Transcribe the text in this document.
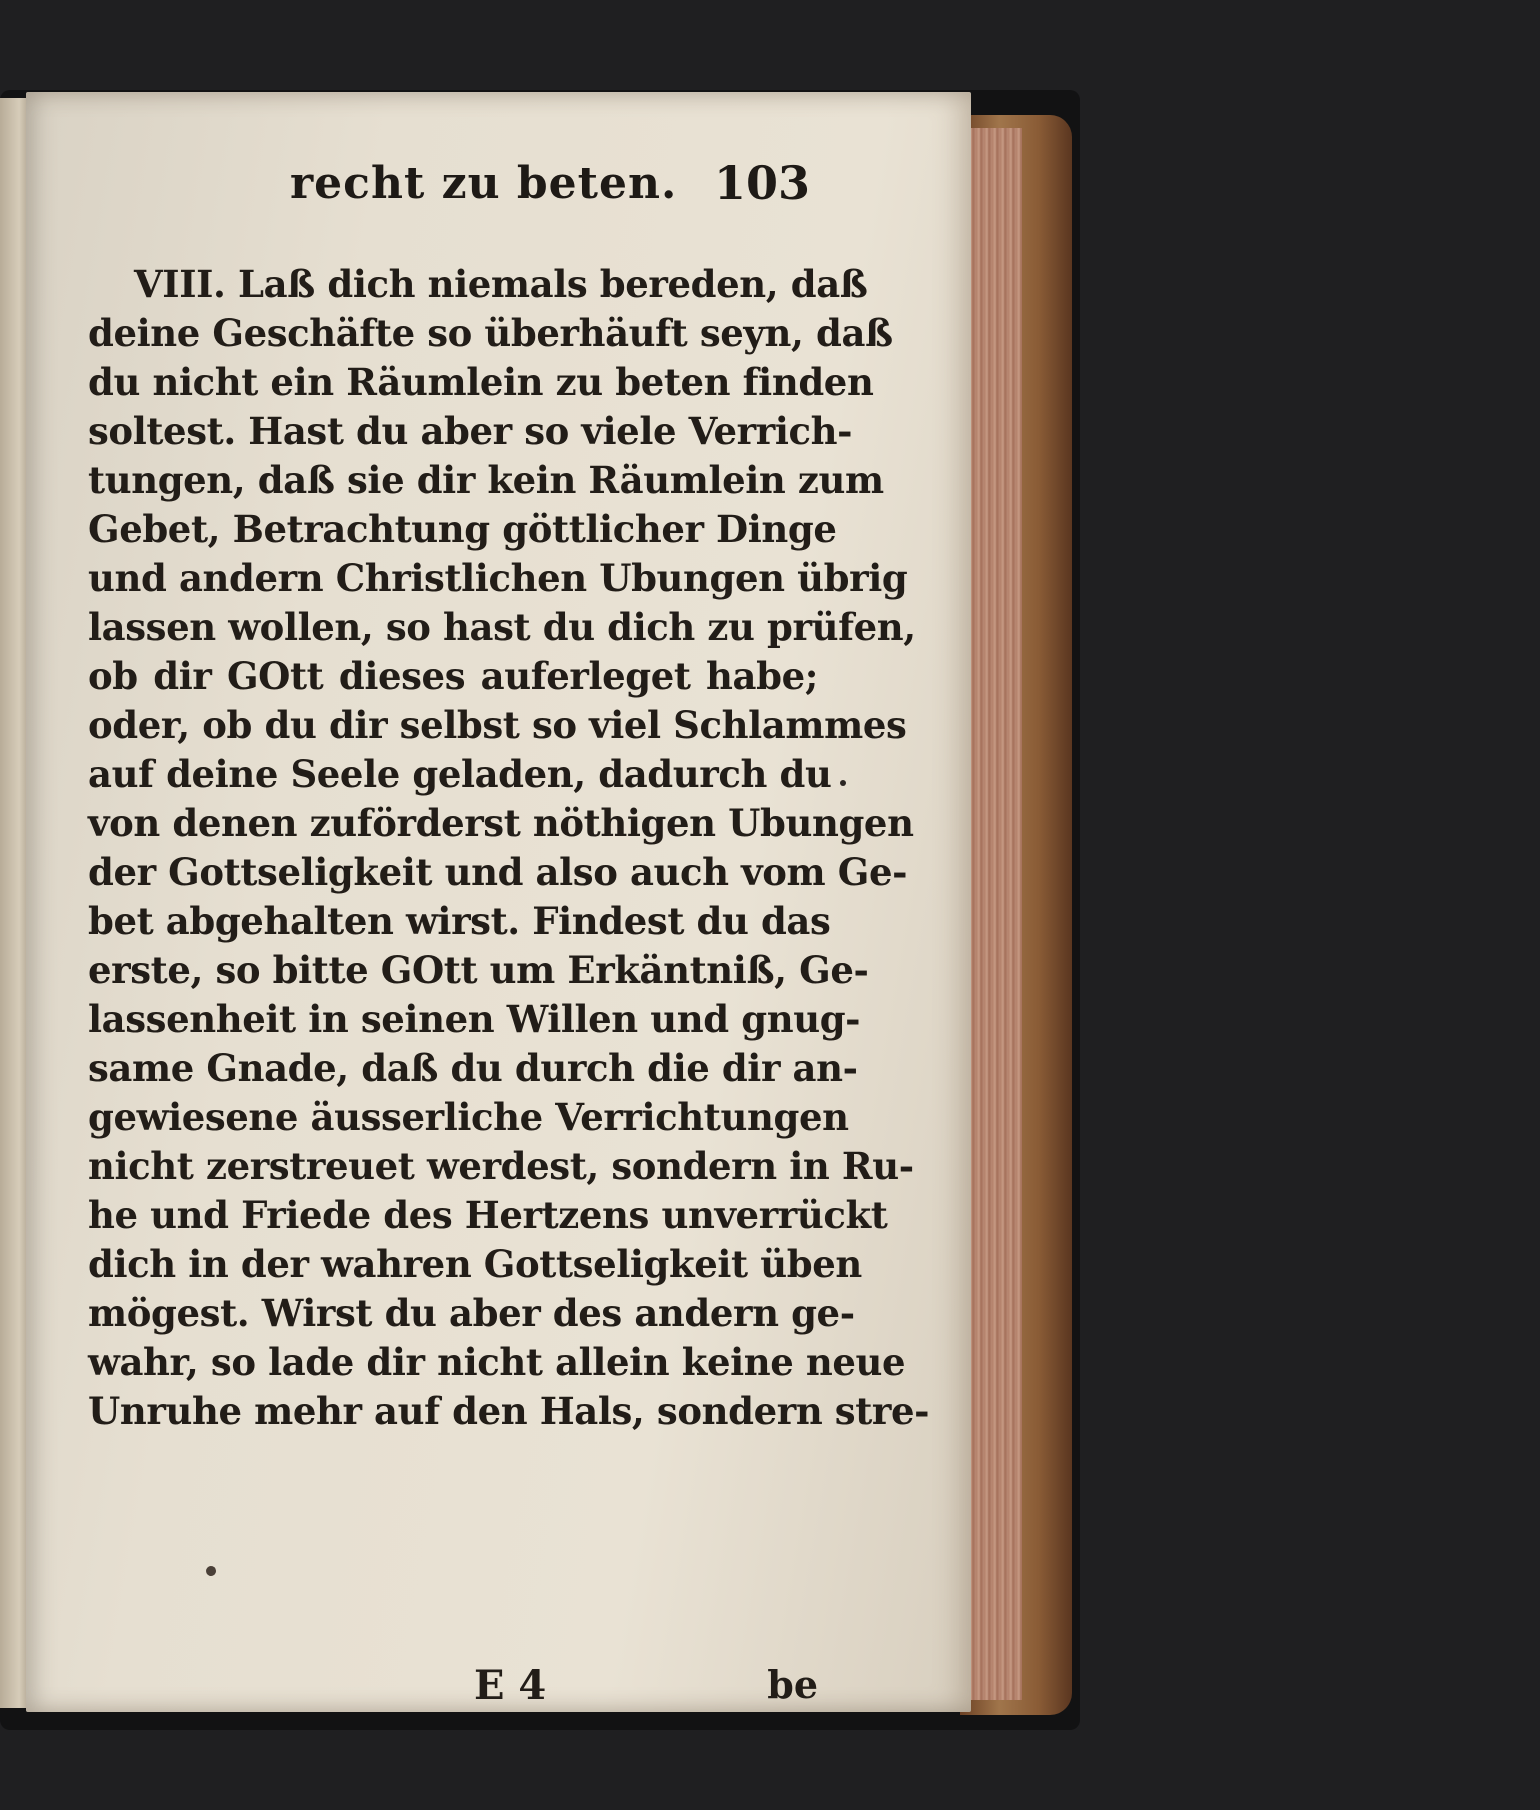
recht zu beten. 103
VIII. Laß dich niemals bereden, daß
deine Geschäfte so überhäuft seyn, daß
du nicht ein Räumlein zu beten finden
soltest. Hast du aber so viele Verrich-
tungen, daß sie dir kein Räumlein zum
Gebet, Betrachtung göttlicher Dinge
und andern Christlichen Ubungen übrig
lassen wollen, so hast du dich zu prüfen,
ob dir GOtt dieses auferleget habe;
oder, ob du dir selbst so viel Schlammes
auf deine Seele geladen, dadurch du
von denen zuförderst nöthigen Ubungen
der Gottseligkeit und also auch vom Ge-
bet abgehalten wirst. Findest du das
erste, so bitte GOtt um Erkäntniß, Ge-
lassenheit in seinen Willen und gnug-
same Gnade, daß du durch die dir an-
gewiesene äusserliche Verrichtungen
nicht zerstreuet werdest, sondern in Ru-
he und Friede des Hertzens unverrückt
dich in der wahren Gottseligkeit üben
mögest. Wirst du aber des andern ge-
wahr, so lade dir nicht allein keine neue
Unruhe mehr auf den Hals, sondern stre-
E 4	be
